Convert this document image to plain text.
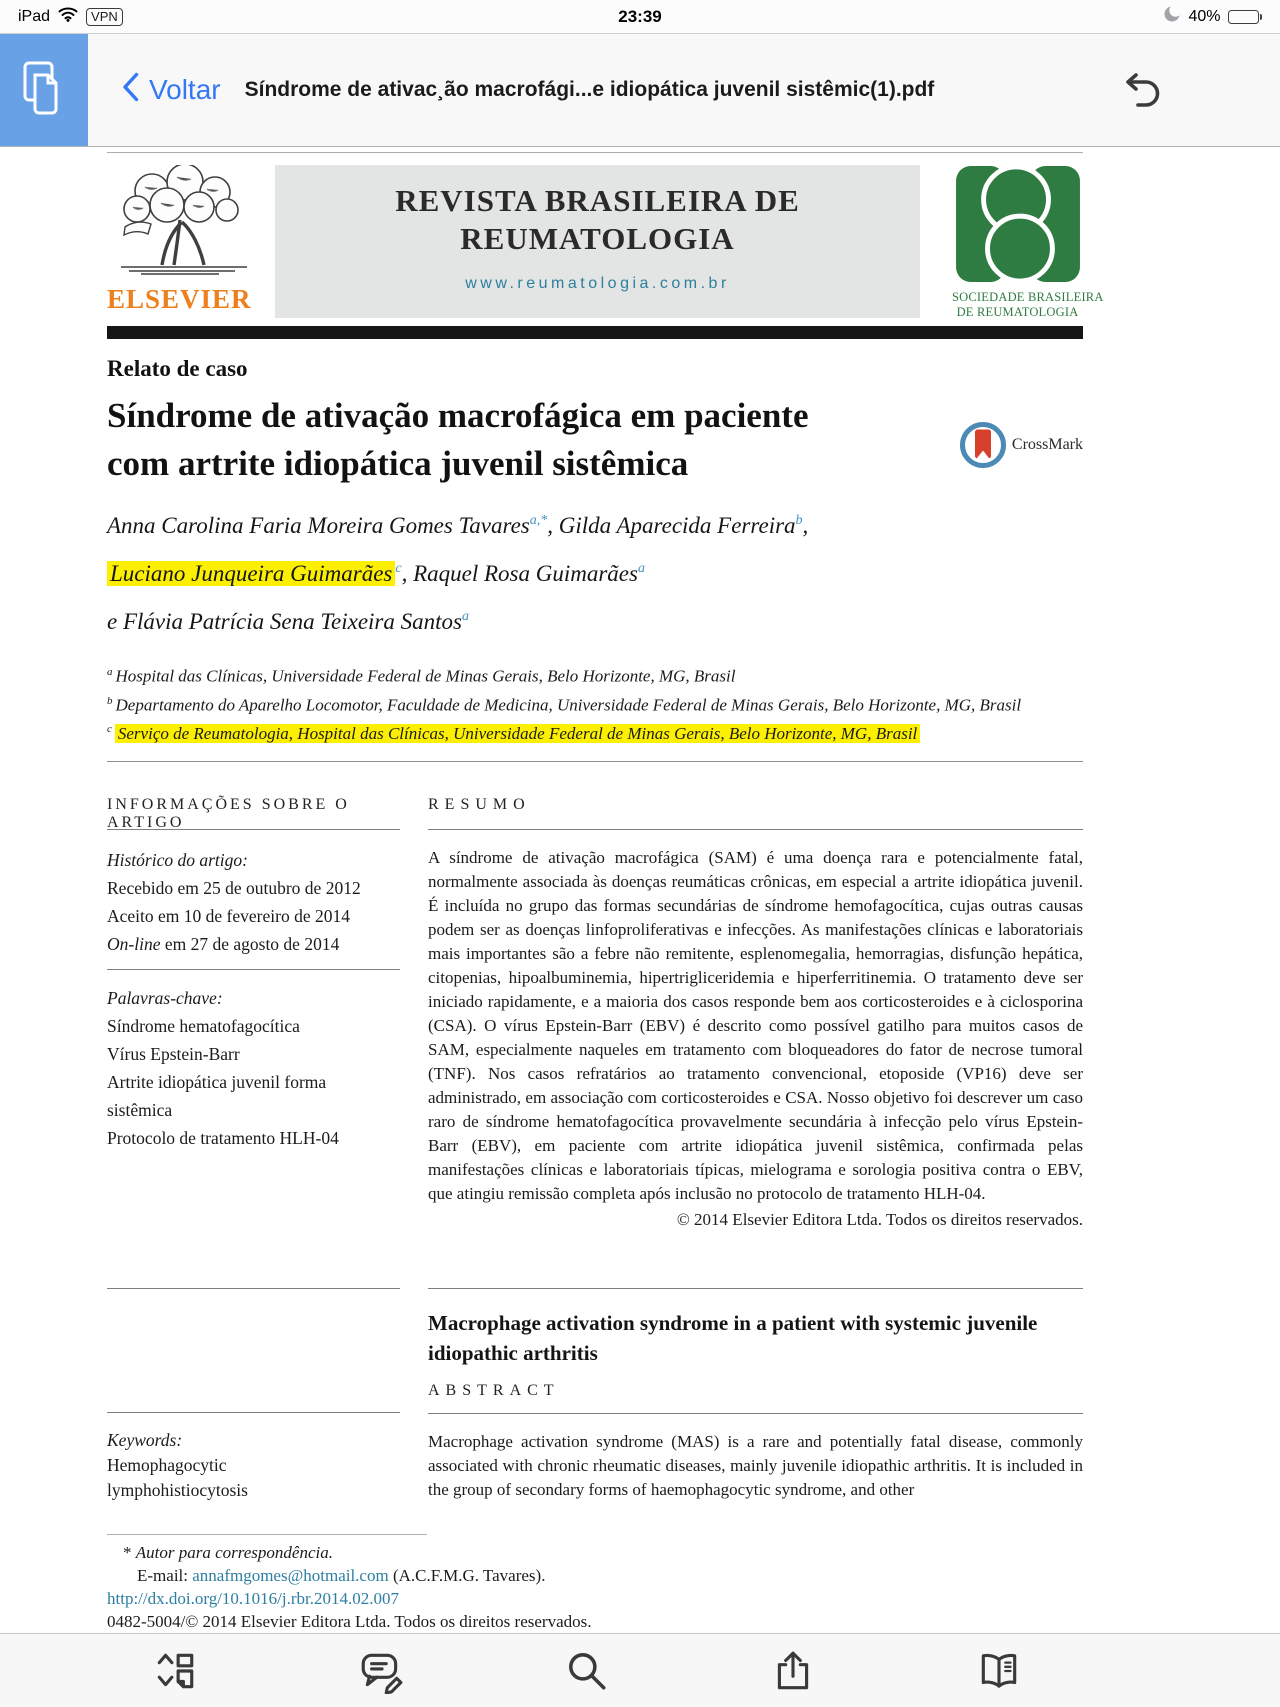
iPad	VPN	23:39	40%
Voltar Síndrome de ativac¸ão macrofági...e idiopática juvenil sistêmic(1).pdf
ELSEVIER
REVISTA BRASILEIRA DE
REUMATOLOGIA
www.reumatologia.com.br
SOCIEDADE BRASILEIRA
DE REUMATOLOGIA
Relato de caso
Síndrome de ativação macrofágica em paciente
com artrite idiopática juvenil sistêmica	CrossMark
Anna Carolina Faria Moreira Gomes Tavares$^{a,*}$, Gilda Aparecida Ferreira$^b$,
Luciano Junqueira Guimarães $^c$, Raquel Rosa Guimarães$^a$
e Flávia Patrícia Sena Teixeira Santos$^a$
$^a$ Hospital das Clínicas, Universidade Federal de Minas Gerais, Belo Horizonte, MG, Brasil
$^b$ Departamento do Aparelho Locomotor, Faculdade de Medicina, Universidade Federal de Minas Gerais, Belo Horizonte, MG, Brasil
$^c$ Serviço de Reumatologia, Hospital das Clínicas, Universidade Federal de Minas Gerais, Belo Horizonte, MG, Brasil
INFORMAÇÕES SOBRE O ARTIGO
Histórico do artigo:
Recebido em 25 de outubro de 2012
Aceito em 10 de fevereiro de 2014
On-line em 27 de agosto de 2014
Palavras-chave:
Síndrome hematofagocítica
Vírus Epstein-Barr
Artrite idiopática juvenil forma
sistêmica
Protocolo de tratamento HLH-04
Keywords:
Hemophagocytic
lymphohistiocytosis
RESUMO

A síndrome de ativação macrofágica (SAM) é uma doença rara e potencialmente fatal, normalmente associada às doenças reumáticas crônicas, em especial a artrite idiopática juvenil. É incluída no grupo das formas secundárias de síndrome hemofagocítica, cujas outras causas podem ser as doenças linfoproliferativas e infecções. As manifestações clínicas e laboratoriais mais importantes são a febre não remitente, esplenomegalia, hemorragias, disfunção hepática, citopenias, hipoalbuminemia, hipertrigliceridemia e hiperferritinemia. O tratamento deve ser iniciado rapidamente, e a maioria dos casos responde bem aos corticosteroides e à ciclosporina (CSA). O vírus Epstein-Barr (EBV) é descrito como possível gatilho para muitos casos de SAM, especialmente naqueles em tratamento com bloqueadores do fator de necrose tumoral (TNF). Nos casos refratários ao tratamento convencional, etoposide (VP16) deve ser administrado, em associação com corticosteroides e CSA. Nosso objetivo foi descrever um caso raro de síndrome hematofagocítica provavelmente secundária à infecção pelo vírus Epstein-Barr (EBV), em paciente com artrite idiopática juvenil sistêmica, confirmada pelas manifestações clínicas e laboratoriais típicas, mielograma e sorologia positiva contra o EBV, que atingiu remissão completa após inclusão no protocolo de tratamento HLH-04.

© 2014 Elsevier Editora Ltda. Todos os direitos reservados.
Macrophage activation syndrome in a patient with systemic juvenile idiopathic arthritis
ABSTRACT

Macrophage activation syndrome (MAS) is a rare and potentially fatal disease, commonly associated with chronic rheumatic diseases, mainly juvenile idiopathic arthritis. It is included in the group of secondary forms of haemophagocytic syndrome, and other

* Autor para correspondência.
E-mail: annafmgomes@hotmail.com (A.C.F.M.G. Tavares).
http://dx.doi.org/10.1016/j.rbr.2014.02.007
0482-5004/© 2014 Elsevier Editora Ltda. Todos os direitos reservados.
